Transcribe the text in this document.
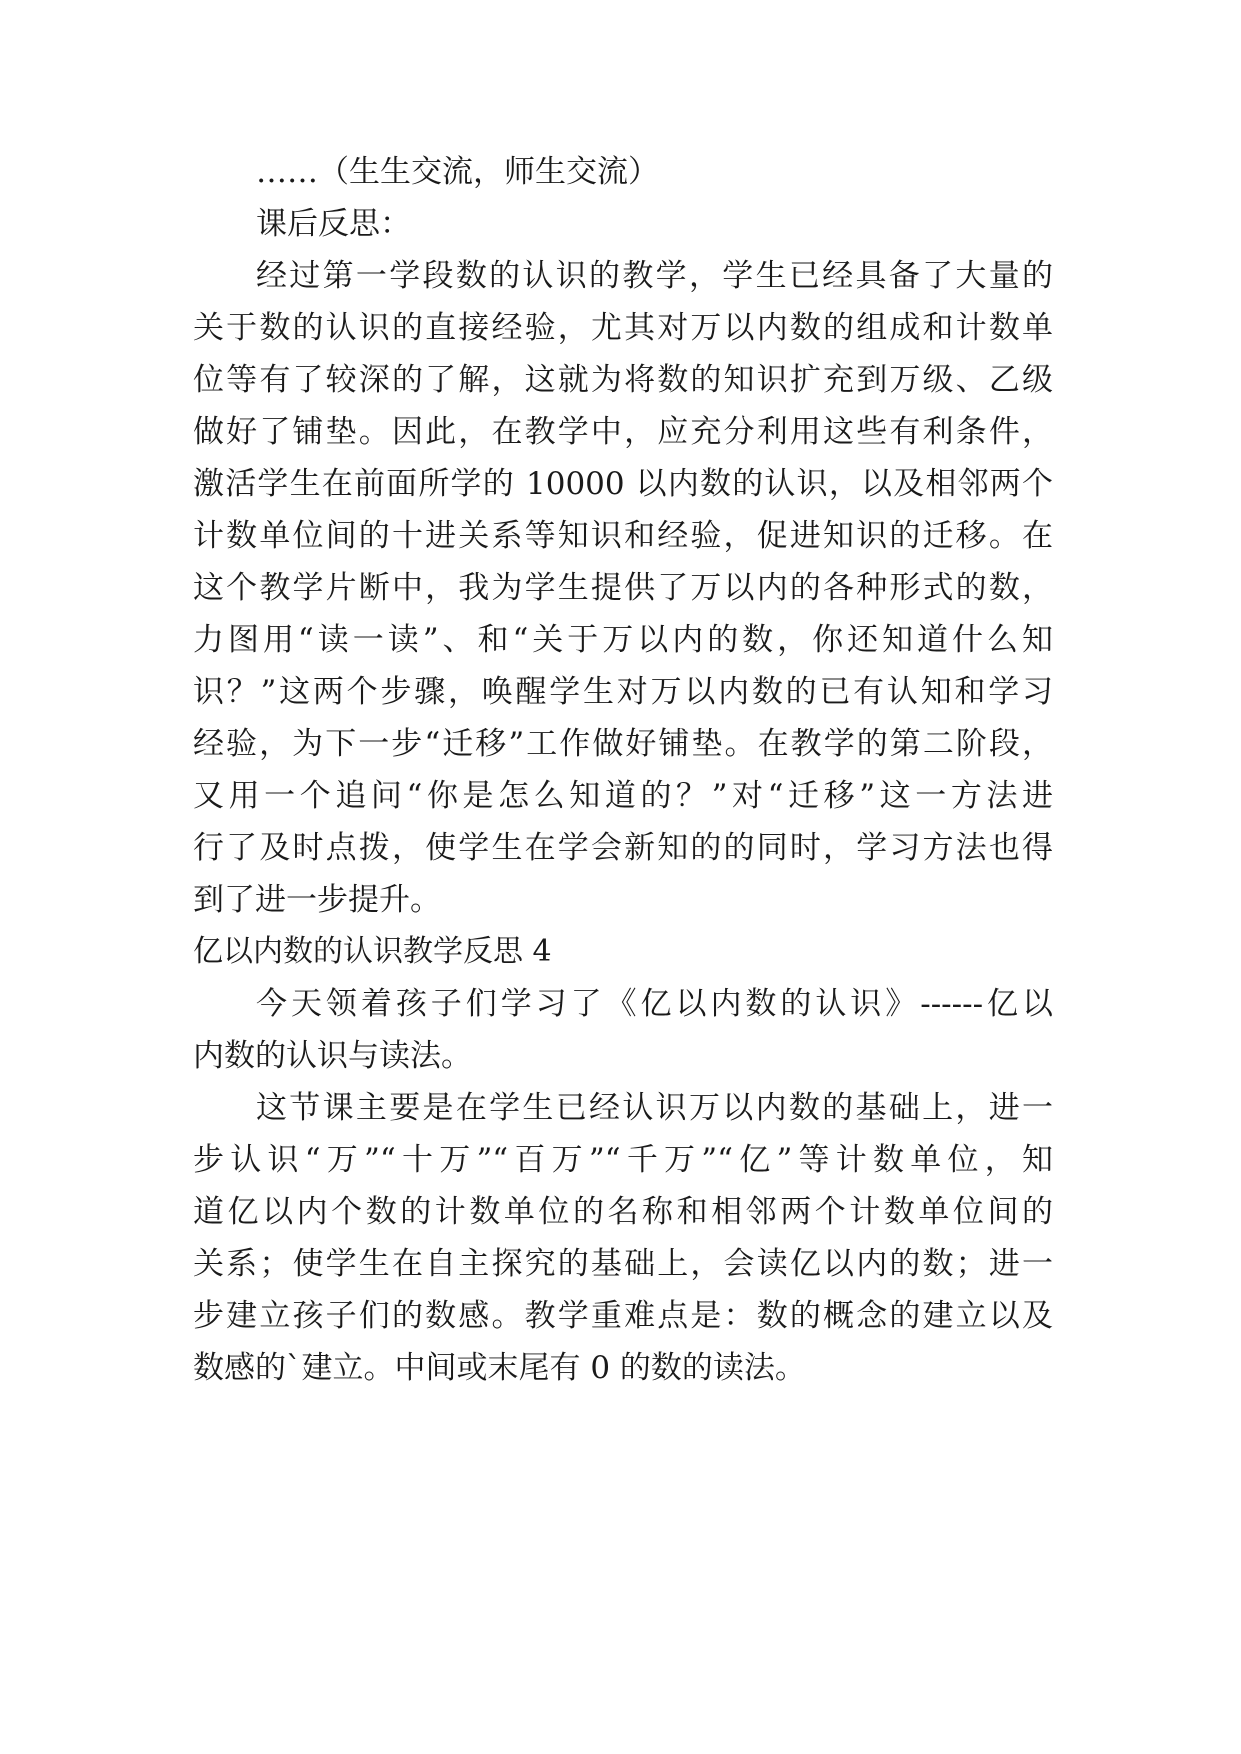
……（生生交流，师生交流）
课后反思：
经过第一学段数的认识的教学，学生已经具备了大量的
关于数的认识的直接经验，尤其对万以内数的组成和计数单
位等有了较深的了解，这就为将数的知识扩充到万级、乙级
做好了铺垫。因此，在教学中，应充分利用这些有利条件，
激活学生在前面所学的 10000 以内数的认识，以及相邻两个
计数单位间的十进关系等知识和经验，促进知识的迁移。在
这个教学片断中，我为学生提供了万以内的各种形式的数，
力图用“读一读”、和“关于万以内的数，你还知道什么知
识？”这两个步骤，唤醒学生对万以内数的已有认知和学习
经验，为下一步“迁移”工作做好铺垫。在教学的第二阶段，
又用一个追问“你是怎么知道的？”对“迁移”这一方法进
行了及时点拨，使学生在学会新知的的同时，学习方法也得
到了进一步提升。
亿以内数的认识教学反思 4
今天领着孩子们学习了《亿以内数的认识》------亿以
内数的认识与读法。
这节课主要是在学生已经认识万以内数的基础上，进一
步认识“万”“十万”“百万”“千万”“亿”等计数单位，知
道亿以内个数的计数单位的名称和相邻两个计数单位间的
关系；使学生在自主探究的基础上，会读亿以内的数；进一
步建立孩子们的数感。教学重难点是：数的概念的建立以及
数感的`建立。中间或末尾有 0 的数的读法。
